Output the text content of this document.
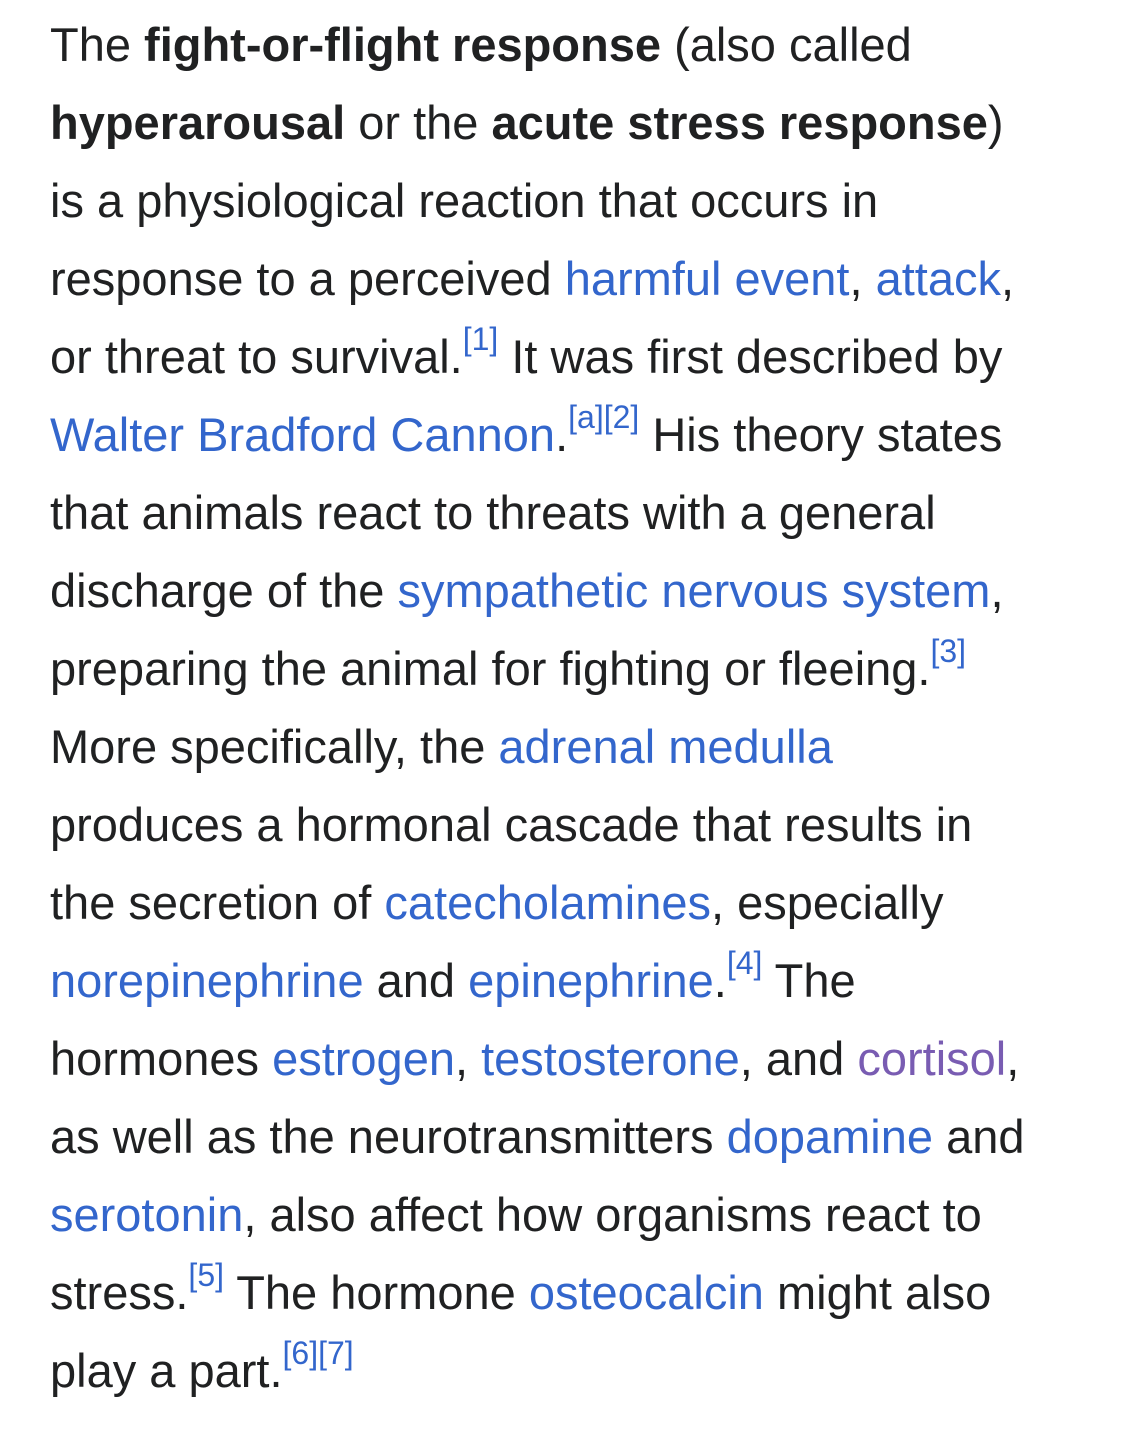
The fight-or-flight response (also called
hyperarousal or the acute stress response)
is a physiological reaction that occurs in
response to a perceived harmful event, attack,
or threat to survival.[1] It was first described by
Walter Bradford Cannon.[a][2] His theory states
that animals react to threats with a general
discharge of the sympathetic nervous system,
preparing the animal for fighting or fleeing.[3]
More specifically, the adrenal medulla
produces a hormonal cascade that results in
the secretion of catecholamines, especially
norepinephrine and epinephrine.[4] The
hormones estrogen, testosterone, and cortisol,
as well as the neurotransmitters dopamine and
serotonin, also affect how organisms react to
stress.[5] The hormone osteocalcin might also
play a part.[6][7]
